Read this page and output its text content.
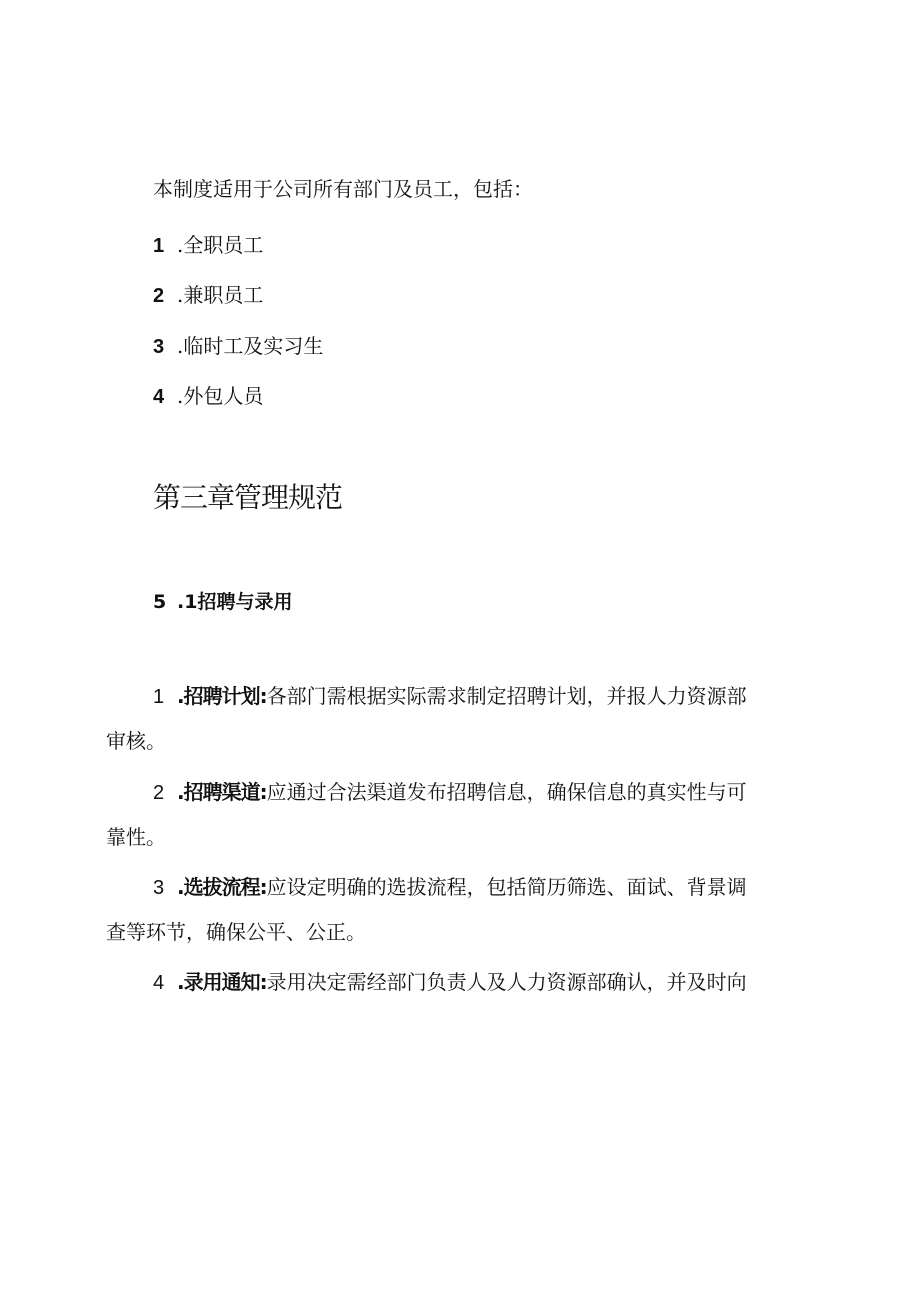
本制度适用于公司所有部门及员工，包括：
1 .全职员工
2 .兼职员工
3 .临时工及实习生
4 .外包人员
第三章管理规范
5 .1招聘与录用
1 .招聘计划:各部门需根据实际需求制定招聘计划，并报人力资源部
审核。
2 .招聘渠道:应通过合法渠道发布招聘信息，确保信息的真实性与可
靠性。
3 .选拔流程:应设定明确的选拔流程，包括简历筛选、面试、背景调
查等环节，确保公平、公正。
4 .录用通知:录用决定需经部门负责人及人力资源部确认，并及时向
